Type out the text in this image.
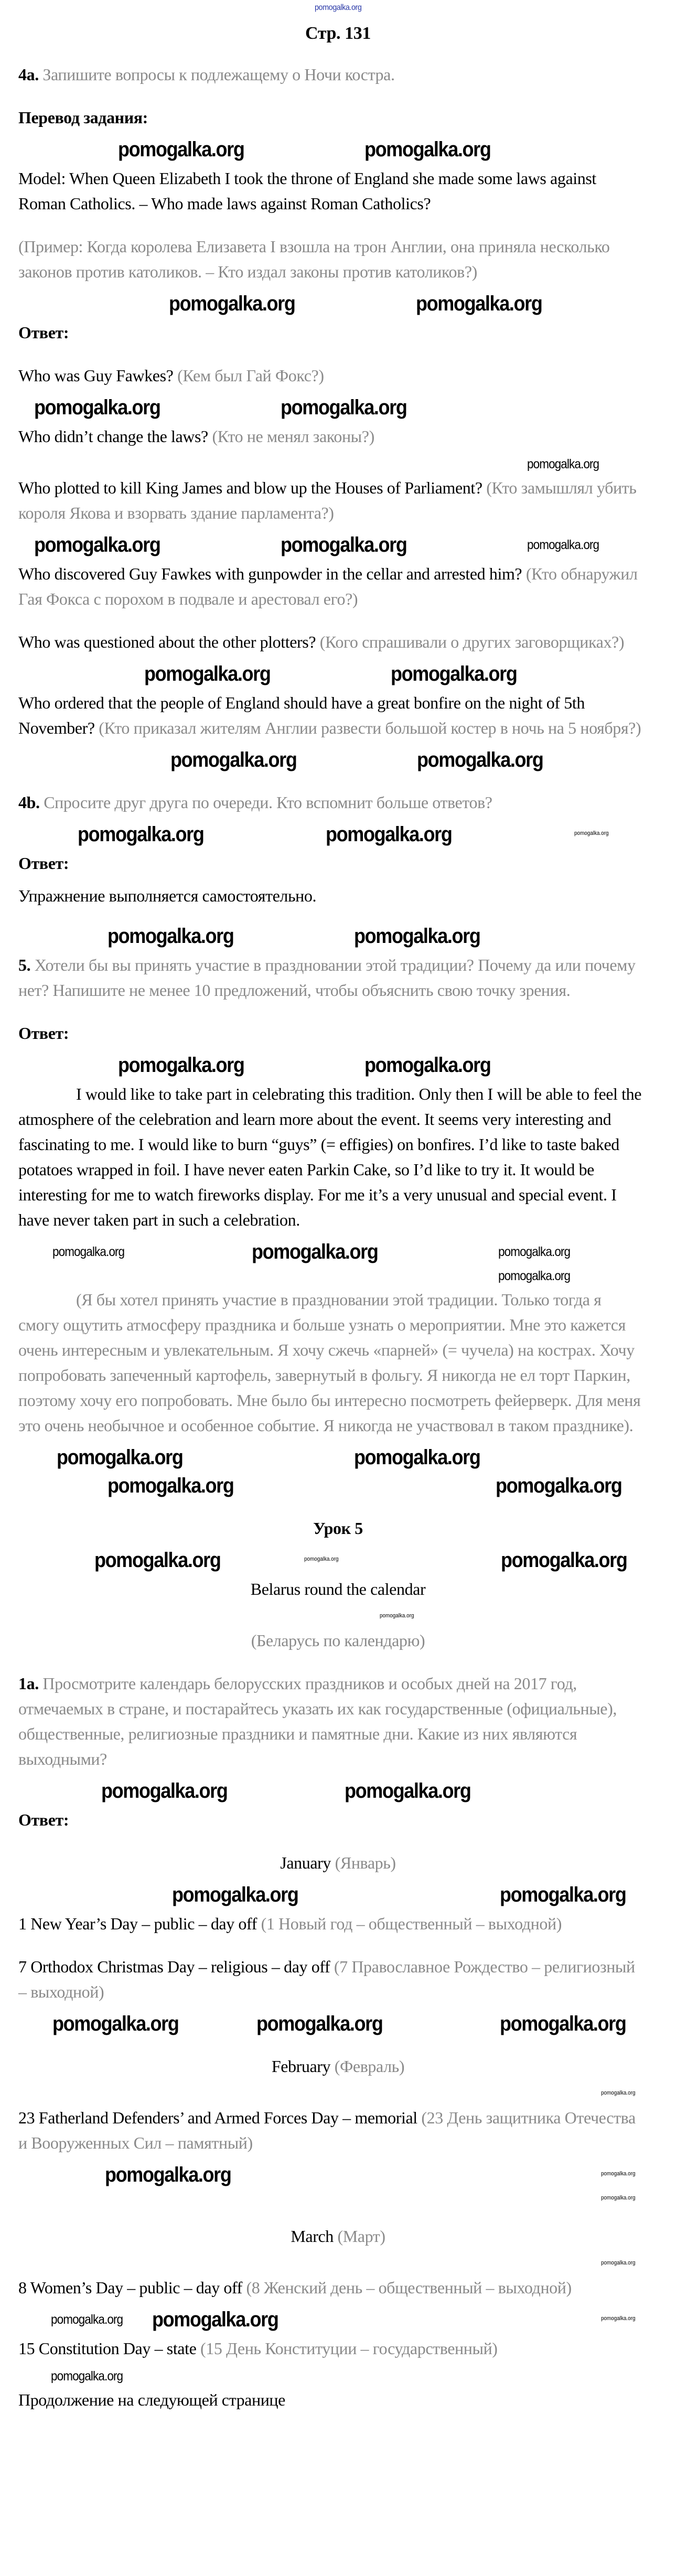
pomogalka.org
Стр. 131
4a. Запишите вопросы к подлежащему о Ночи костра.
Перевод задания:
pomogalka.org	pomogalka.org
Model: When Queen Elizabeth I took the throne of England she made some laws against Roman Catholics. – Who made laws against Roman Catholics?
(Пример: Когда королева Елизавета I взошла на трон Англии, она приняла несколько законов против католиков. – Кто издал законы против католиков?)
pomogalka.org	pomogalka.org
Ответ:
Who was Guy Fawkes? (Кем был Гай Фокс?)
pomogalka.org	pomogalka.org
Who didn’t change the laws? (Кто не менял законы?)
pomogalka.org
Who plotted to kill King James and blow up the Houses of Parliament? (Кто замышлял убить короля Якова и взорвать здание парламента?)
pomogalka.org	pomogalka.org	pomogalka.org
Who discovered Guy Fawkes with gunpowder in the cellar and arrested him? (Кто обнаружил Гая Фокса с порохом в подвале и арестовал его?)
Who was questioned about the other plotters? (Кого спрашивали о других заговорщиках?)
pomogalka.org	pomogalka.org
Who ordered that the people of England should have a great bonfire on the night of 5th November? (Кто приказал жителям Англии развести большой костер в ночь на 5 ноября?)
pomogalka.org	pomogalka.org
4b. Спросите друг друга по очереди. Кто вспомнит больше ответов?
pomogalka.org	pomogalka.org	pomogalka.org
Ответ:
Упражнение выполняется самостоятельно.
pomogalka.org	pomogalka.org
5. Хотели бы вы принять участие в праздновании этой традиции? Почему да или почему нет? Напишите не менее 10 предложений, чтобы объяснить свою точку зрения.
Ответ:
pomogalka.org	pomogalka.org
I would like to take part in celebrating this tradition. Only then I will be able to feel the atmosphere of the celebration and learn more about the event. It seems very interesting and fascinating to me. I would like to burn “guys” (= effigies) on bonfires. I’d like to taste baked potatoes wrapped in foil. I have never eaten Parkin Cake, so I’d like to try it. It would be interesting for me to watch fireworks display. For me it’s a very unusual and special event. I have never taken part in such a celebration.
pomogalka.org	pomogalka.org	pomogalka.org
pomogalka.org
(Я бы хотел принять участие в праздновании этой традиции. Только тогда я смогу ощутить атмосферу праздника и больше узнать о мероприятии. Мне это кажется очень интересным и увлекательным. Я хочу сжечь «парней» (= чучела) на кострах. Хочу попробовать запеченный картофель, завернутый в фольгу. Я никогда не ел торт Паркин, поэтому хочу его попробовать. Мне было бы интересно посмотреть фейерверк. Для меня это очень необычное и особенное событие. Я никогда не участвовал в таком празднике).
pomogalka.org	pomogalka.org
pomogalka.org	pomogalka.org
Урок 5
pomogalka.org	pomogalka.org	pomogalka.org
Belarus round the calendar
pomogalka.org
(Беларусь по календарю)
1a. Просмотрите календарь белорусских праздников и особых дней на 2017 год, отмечаемых в стране, и постарайтесь указать их как государственные (официальные), общественные, религиозные праздники и памятные дни. Какие из них являются выходными?
pomogalka.org	pomogalka.org
Ответ:
January (Январь)
pomogalka.org	pomogalka.org
1 New Year’s Day – public – day off (1 Новый год – общественный – выходной)
7 Orthodox Christmas Day – religious – day off (7 Православное Рождество – религиозный – выходной)
pomogalka.org	pomogalka.org	pomogalka.org
February (Февраль)
pomogalka.org
23 Fatherland Defenders’ and Armed Forces Day – memorial (23 День защитника Отечества и Вооруженных Сил – памятный)
pomogalka.org	pomogalka.org
pomogalka.org
March (Март)
pomogalka.org
8 Women’s Day – public – day off (8 Женский день – общественный – выходной)
pomogalka.org pomogalka.org	pomogalka.org
15 Constitution Day – state (15 День Конституции – государственный)
pomogalka.org
Продолжение на следующей странице
